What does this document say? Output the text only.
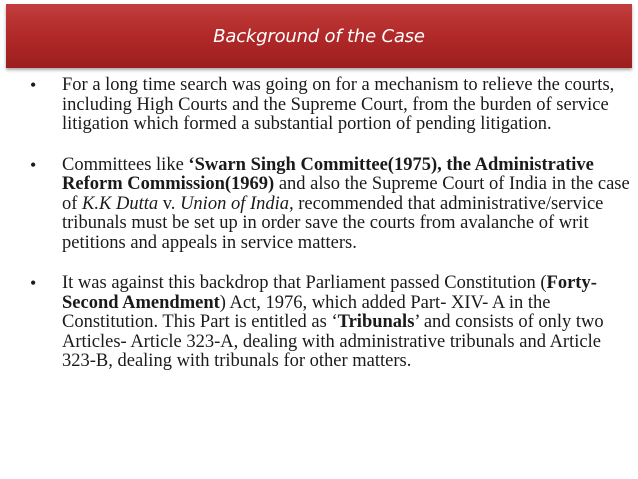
Background of the Case
•	For a long time search was going on for a mechanism to relieve the courts, including High Courts and the Supreme Court, from the burden of service litigation which formed a substantial portion of pending litigation.
•	Committees like ‘Swarn Singh Committee(1975), the Administrative Reform Commission(1969) and also the Supreme Court of India in the case of K.K Dutta v. Union of India, recommended that administrative/service tribunals must be set up in order save the courts from avalanche of writ petitions and appeals in service matters.
•	It was against this backdrop that Parliament passed Constitution (Forty- Second Amendment) Act, 1976, which added Part- XIV- A in the Constitution. This Part is entitled as ‘Tribunals’ and consists of only two Articles- Article 323-A, dealing with administrative tribunals and Article 323-B, dealing with tribunals for other matters.
